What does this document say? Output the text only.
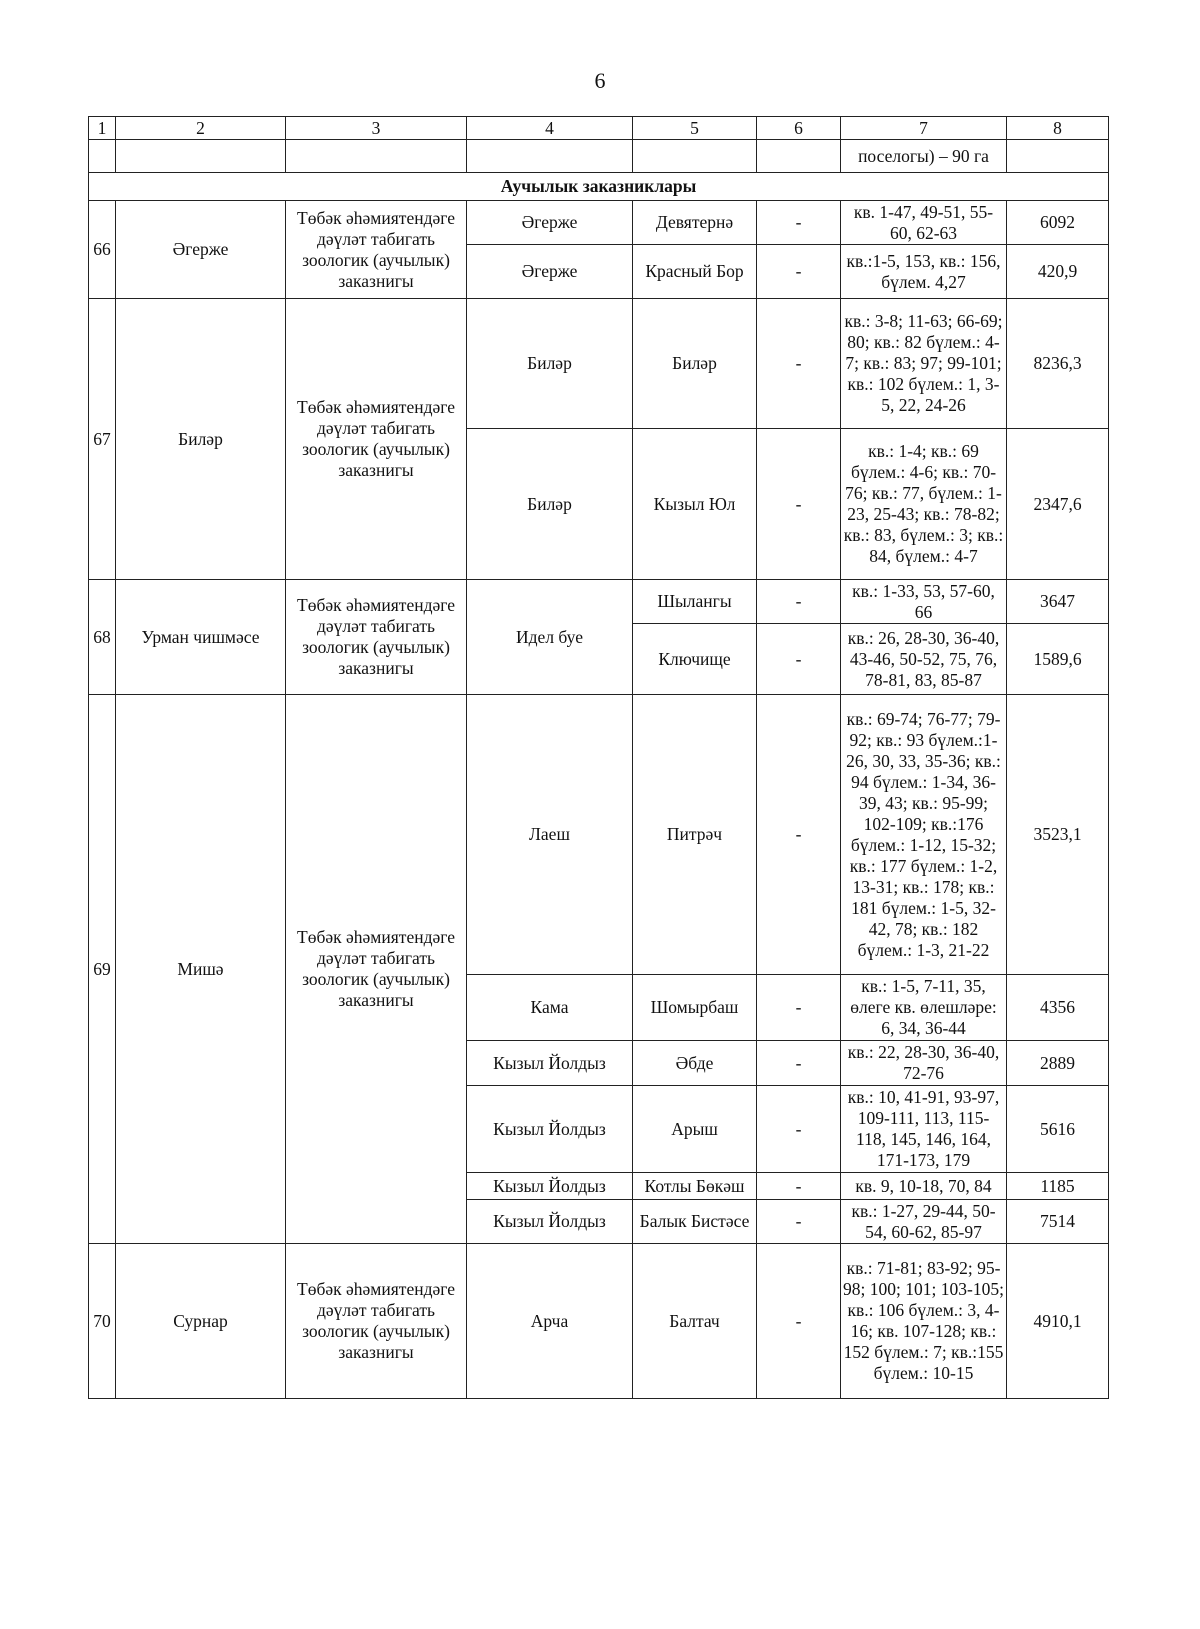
6
1	2	3	4	5	6	7	8
						поселогы) – 90 га	
Аучылык заказниклары							
66	Әгерже	Төбәк әһәмиятендәге дәүләт табигать зоологик (аучылык) заказнигы	Әгерже	Девятернә	-	кв. 1-47, 49-51, 55-60, 62-63	6092
			Әгерже	Красный Бор	-	кв.:1-5, 153, кв.: 156, бүлем. 4,27	420,9
67	Биләр	Төбәк әһәмиятендәге дәүләт табигать зоологик (аучылык) заказнигы	Биләр	Биләр	-	кв.: 3-8; 11-63; 66-69; 80; кв.: 82 бүлем.: 4-7; кв.: 83; 97; 99-101; кв.: 102 бүлем.: 1, 3-5, 22, 24-26	8236,3
			Биләр	Кызыл Юл	-	кв.: 1-4; кв.: 69 бүлем.: 4-6; кв.: 70-76; кв.: 77, бүлем.: 1-23, 25-43; кв.: 78-82; кв.: 83, бүлем.: 3; кв.: 84, бүлем.: 4-7	2347,6
68	Урман чишмәсе	Төбәк әһәмиятендәге дәүләт табигать зоологик (аучылык) заказнигы	Идел буе	Шылангы	-	кв.: 1-33, 53, 57-60, 66	3647
				Ключище	-	кв.: 26, 28-30, 36-40, 43-46, 50-52, 75, 76, 78-81, 83, 85-87	1589,6
69	Мишә	Төбәк әһәмиятендәге дәүләт табигать зоологик (аучылык) заказнигы	Лаеш	Питрәч	-	кв.: 69-74; 76-77; 79-92; кв.: 93 бүлем.:1-26, 30, 33, 35-36; кв.: 94 бүлем.: 1-34, 36-39, 43; кв.: 95-99; 102-109; кв.:176 бүлем.: 1-12, 15-32; кв.: 177 бүлем.: 1-2, 13-31; кв.: 178; кв.: 181 бүлем.: 1-5, 32-42, 78; кв.: 182 бүлем.: 1-3, 21-22	3523,1
			Кама	Шомырбаш	-	кв.: 1-5, 7-11, 35, өлеге кв. өлешләре: 6, 34, 36-44	4356
			Кызыл Йолдыз	Әбде	-	кв.: 22, 28-30, 36-40, 72-76	2889
			Кызыл Йолдыз	Арыш	-	кв.: 10, 41-91, 93-97, 109-111, 113, 115-118, 145, 146, 164, 171-173, 179	5616
			Кызыл Йолдыз	Котлы Бөкәш	-	кв. 9, 10-18, 70, 84	1185
			Кызыл Йолдыз	Балык Бистәсе	-	кв.: 1-27, 29-44, 50-54, 60-62, 85-97	7514
70	Сурнар	Төбәк әһәмиятендәге дәүләт табигать зоологик (аучылык) заказнигы	Арча	Балтач	-	кв.: 71-81; 83-92; 95-98; 100; 101; 103-105; кв.: 106 бүлем.: 3, 4-16; кв. 107-128; кв.: 152 бүлем.: 7; кв.:155 бүлем.: 10-15	4910,1
